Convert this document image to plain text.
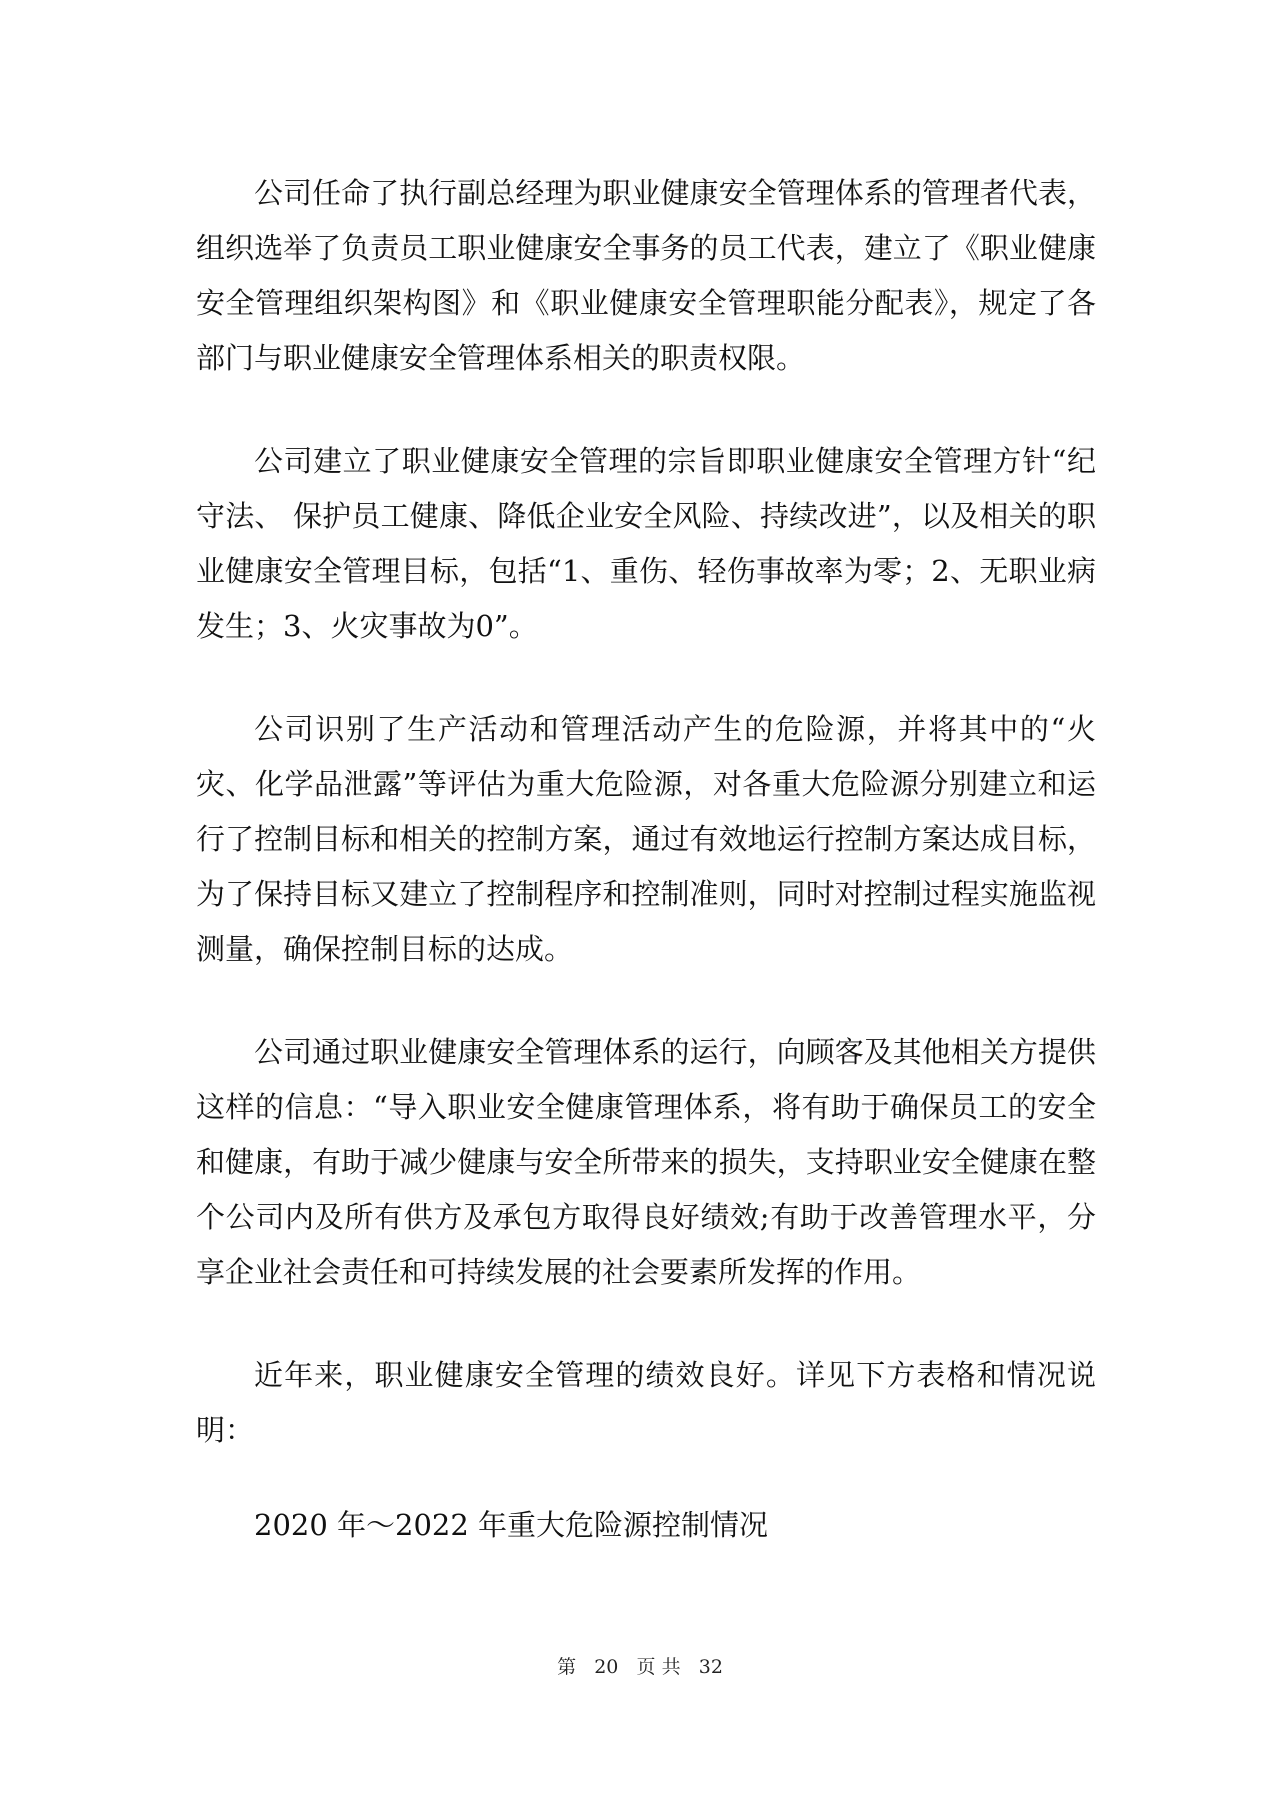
公司任命了执行副总经理为职业健康安全管理体系的管理者代表，组织选举了负责员工职业健康安全事务的员工代表，建立了《职业健康安全管理组织架构图》和《职业健康安全管理职能分配表》，规定了各部门与职业健康安全管理体系相关的职责权限。

公司建立了职业健康安全管理的宗旨即职业健康安全管理方针“纪守法、 保护员工健康、降低企业安全风险、持续改进”，以及相关的职业健康安全管理目标，包括“1、重伤、轻伤事故率为零；2、无职业病发生；3、火灾事故为0”。

公司识别了生产活动和管理活动产生的危险源，并将其中的“火灾、化学品泄露”等评估为重大危险源，对各重大危险源分别建立和运行了控制目标和相关的控制方案，通过有效地运行控制方案达成目标，为了保持目标又建立了控制程序和控制准则，同时对控制过程实施监视测量，确保控制目标的达成。

公司通过职业健康安全管理体系的运行，向顾客及其他相关方提供这样的信息：“导入职业安全健康管理体系，将有助于确保员工的安全和健康，有助于减少健康与安全所带来的损失，支持职业安全健康在整个公司内及所有供方及承包方取得良好绩效;有助于改善管理水平，分享企业社会责任和可持续发展的社会要素所发挥的作用。

近年来，职业健康安全管理的绩效良好。详见下方表格和情况说明：

2020 年～2022 年重大危险源控制情况

第 20 页 共 32
